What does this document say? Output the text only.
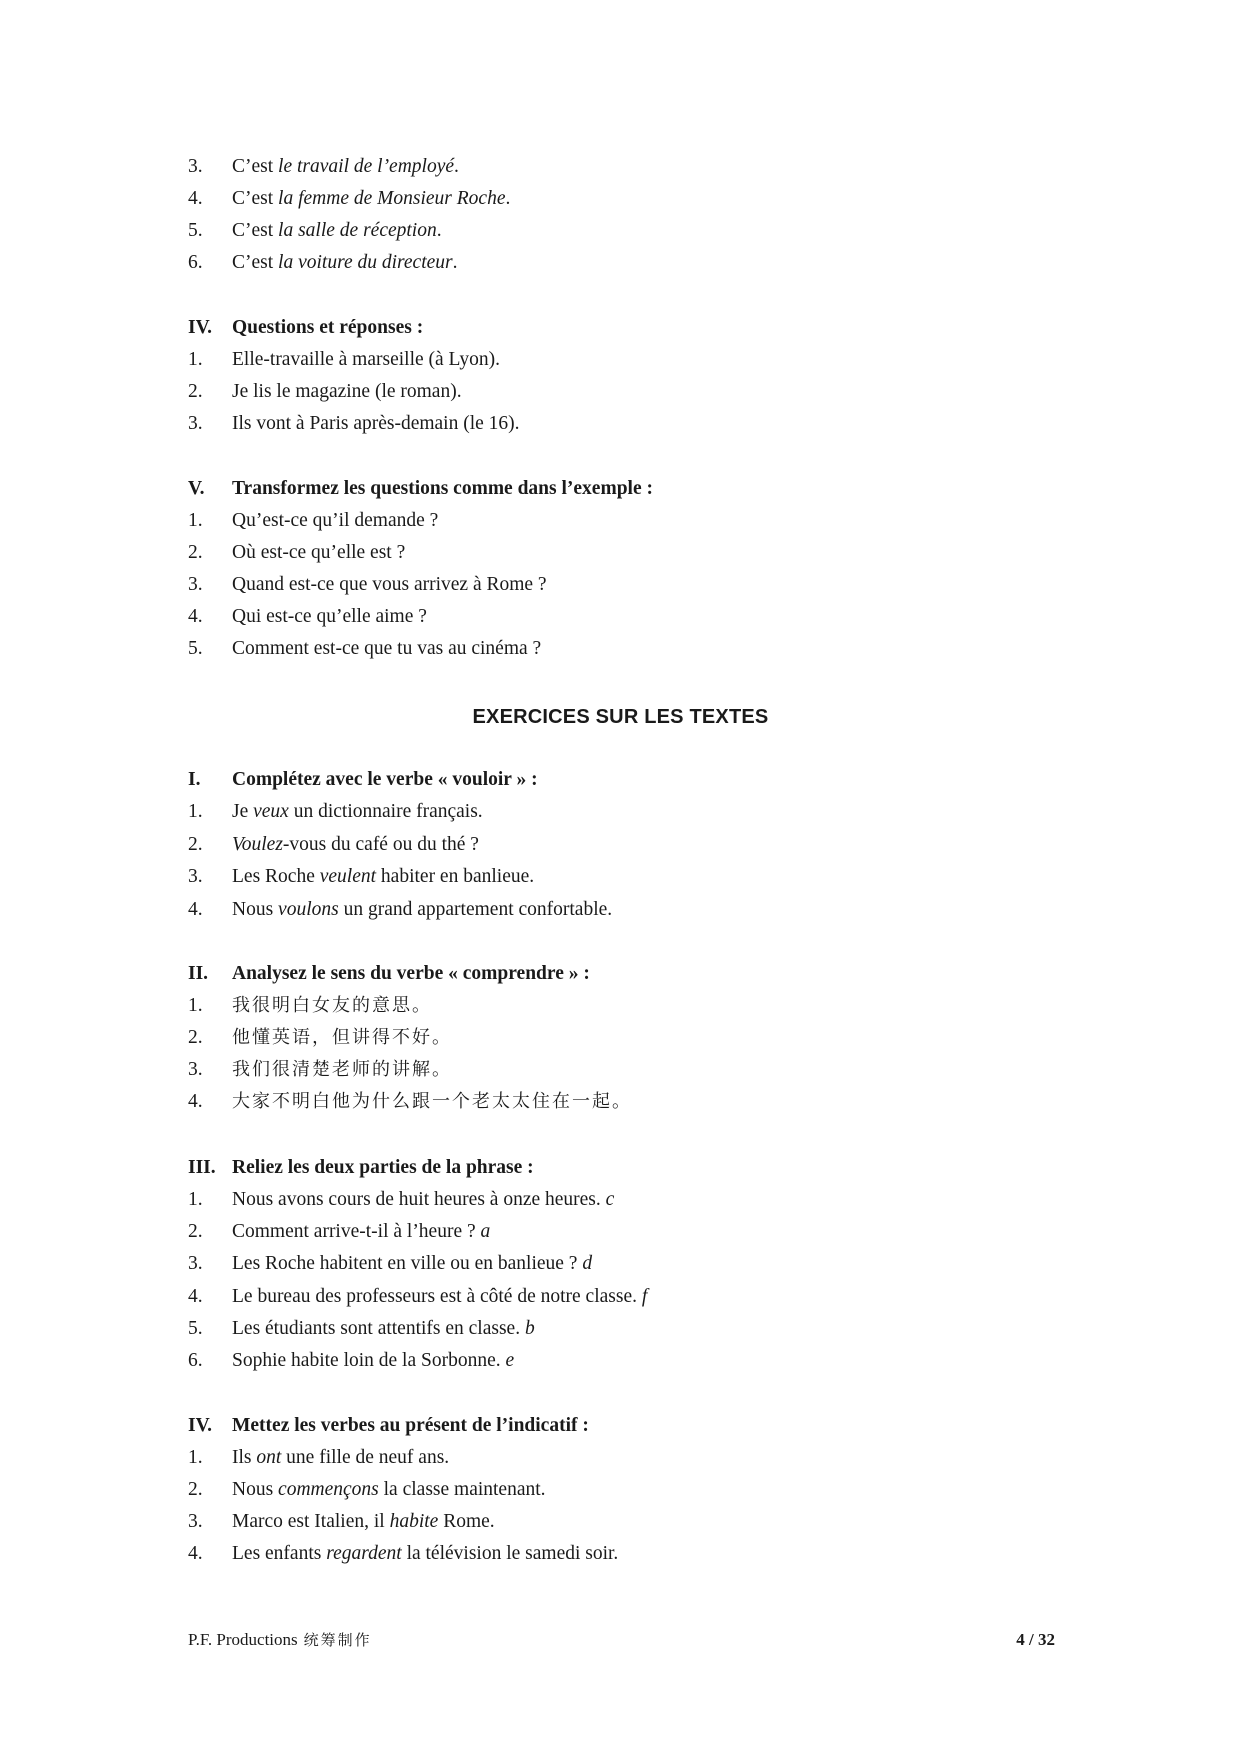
3.	C’est le travail de l’employé.
4.	C’est la femme de Monsieur Roche.
5.	C’est la salle de réception.
6.	C’est la voiture du directeur.
IV.	Questions et réponses :
1.	Elle-travaille à marseille (à Lyon).
2.	Je lis le magazine (le roman).
3.	Ils vont à Paris après-demain (le 16).
V.	Transformez les questions comme dans l’exemple :
1.	Qu’est-ce qu’il demande ?
2.	Où est-ce qu’elle est ?
3.	Quand est-ce que vous arrivez à Rome ?
4.	Qui est-ce qu’elle aime ?
5.	Comment est-ce que tu vas au cinéma ?
EXERCICES SUR LES TEXTES
I.	Complétez avec le verbe « vouloir » :
1.	Je veux un dictionnaire français.
2.	Voulez-vous du café ou du thé ?
3.	Les Roche veulent habiter en banlieue.
4.	Nous voulons un grand appartement confortable.
II.	Analysez le sens du verbe « comprendre » :
1.	我很明白女友的意思。
2.	他懂英语，但讲得不好。
3.	我们很清楚老师的讲解。
4.	大家不明白他为什么跟一个老太太住在一起。
III. Reliez les deux parties de la phrase :
1.	Nous avons cours de huit heures à onze heures. c
2.	Comment arrive-t-il à l’heure ? a
3.	Les Roche habitent en ville ou en banlieue ? d
4.	Le bureau des professeurs est à côté de notre classe. f
5.	Les étudiants sont attentifs en classe. b
6.	Sophie habite loin de la Sorbonne. e
IV.	Mettez les verbes au présent de l’indicatif :
1.	Ils ont une fille de neuf ans.
2.	Nous commençons la classe maintenant.
3.	Marco est Italien, il habite Rome.
4.	Les enfants regardent la télévision le samedi soir.
P.F. Productions 统筹制作	4 / 32
